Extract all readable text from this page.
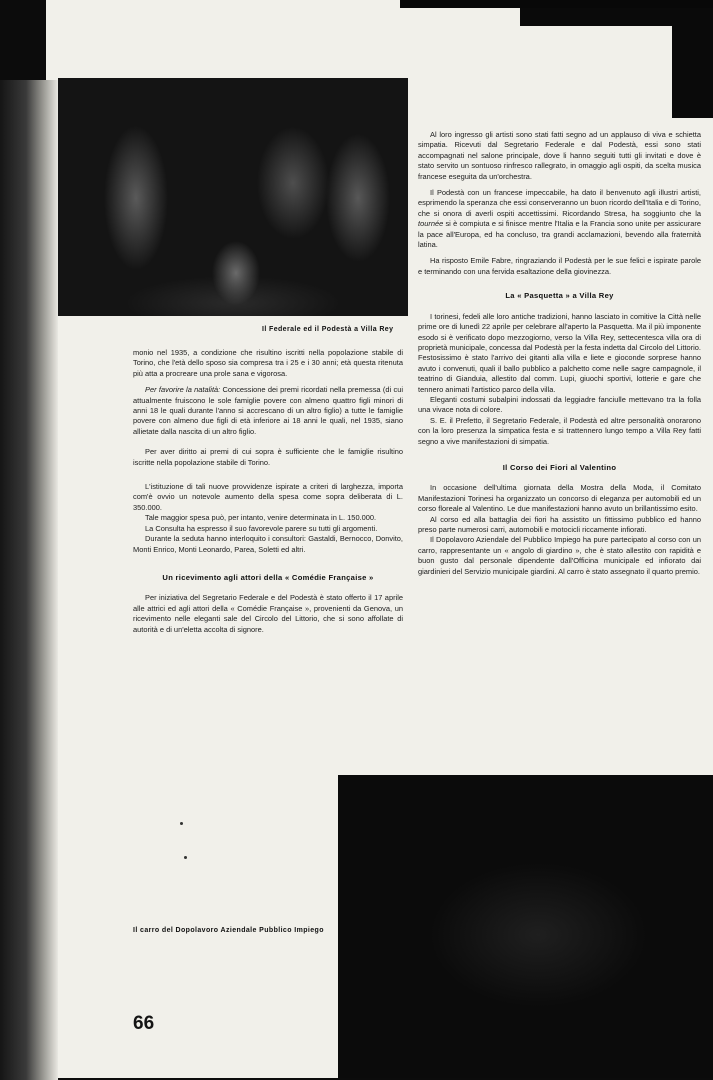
Il Federale ed il Podestà a Villa Rey

monio nel 1935, a condizione che risultino iscritti nella popolazione stabile di Torino, che l'età dello sposo sia compresa tra i 25 e i 30 anni; età questa ritenuta più atta a procreare una prole sana e vigorosa.

Per favorire la natalità: Concessione dei premi ricordati nella premessa (di cui attualmente fruiscono le sole famiglie povere con almeno quattro figli minori di anni 18 le quali durante l'anno si accrescano di un altro figlio) a tutte le famiglie povere con almeno due figli di età inferiore ai 18 anni le quali, nel 1935, siano allietate dalla nascita di un altro figlio.

Per aver diritto ai premi di cui sopra è sufficiente che le famiglie risultino iscritte nella popolazione stabile di Torino.

L'istituzione di tali nuove provvidenze ispirate a criteri di larghezza, importa com'è ovvio un notevole aumento della spesa come sopra deliberata di L. 350.000.

Tale maggior spesa può, per intanto, venire determinata in L. 150.000.

La Consulta ha espresso il suo favorevole parere su tutti gli argomenti.

Durante la seduta hanno interloquito i consultori: Gastaldi, Bernocco, Donvito, Monti Enrico, Monti Leonardo, Parea, Soletti ed altri.

Un ricevimento agli attori della « Comédie Française »

Per iniziativa del Segretario Federale e del Podestà è stato offerto il 17 aprile alle attrici ed agli attori della « Comédie Française », provenienti da Genova, un ricevimento nelle eleganti sale del Circolo del Littorio, che si sono affollate di autorità e di un'eletta accolta di signore.

Al loro ingresso gli artisti sono stati fatti segno ad un applauso di viva e schietta simpatia. Ricevuti dal Segretario Federale e dal Podestà, essi sono stati accompagnati nel salone principale, dove li hanno seguiti tutti gli invitati e dove è stato servito un sontuoso rinfresco rallegrato, in omaggio agli ospiti, da scelta musica francese eseguita da un'orchestra.

Il Podestà con un francese impeccabile, ha dato il benvenuto agli illustri artisti, esprimendo la speranza che essi conserveranno un buon ricordo dell'Italia e di Torino, che si onora di averli ospiti accettissimi. Ricordando Stresa, ha soggiunto che la tournée si è compiuta e si finisce mentre l'Italia e la Francia sono unite per assicurare la pace all'Europa, ed ha concluso, tra grandi acclamazioni, bevendo alla fraternità latina.

Ha risposto Emile Fabre, ringraziando il Podestà per le sue felici e ispirate parole e terminando con una fervida esaltazione della giovinezza.

La « Pasquetta » a Villa Rey

I torinesi, fedeli alle loro antiche tradizioni, hanno lasciato in comitive la Città nelle prime ore di lunedì 22 aprile per celebrare all'aperto la Pasquetta. Ma il più imponente esodo si è verificato dopo mezzogiorno, verso la Villa Rey, settecentesca villa ora di proprietà municipale, concessa dal Podestà per la festa indetta dal Circolo del Littorio. Festosissimo è stato l'arrivo dei gitanti alla villa e liete e gioconde sorprese hanno avuto i convenuti, quali il ballo pubblico a palchetto come nelle sagre campagnole, il teatrino di Gianduia, allestito dal comm. Lupi, giuochi sportivi, lotterie e gare che tennero animati l'artistico parco della villa.

Eleganti costumi subalpini indossati da leggiadre fanciulle mettevano tra la folla una vivace nota di colore.

S. E. il Prefetto, il Segretario Federale, il Podestà ed altre personalità onorarono con la loro presenza la simpatica festa e si trattennero lungo tempo a Villa Rey fatti segno a vive manifestazioni di simpatia.

Il Corso dei Fiori al Valentino

In occasione dell'ultima giornata della Mostra della Moda, il Comitato Manifestazioni Torinesi ha organizzato un concorso di eleganza per automobili ed un corso floreale al Valentino. Le due manifestazioni hanno avuto un brillantissimo esito.

Al corso ed alla battaglia dei fiori ha assistito un fittissimo pubblico ed hanno preso parte numerosi carri, automobili e motocicli riccamente infiorati.

Il Dopolavoro Aziendale del Pubblico Impiego ha pure partecipato al corso con un carro, rappresentante un « angolo di giardino », che è stato allestito con rapidità e buon gusto dal personale dipendente dall'Officina municipale ed infiorato dai giardinieri del Servizio municipale giardini. Al carro è stato assegnato il quarto premio.

Il carro del Dopolavoro Aziendale Pubblico Impiego
66
